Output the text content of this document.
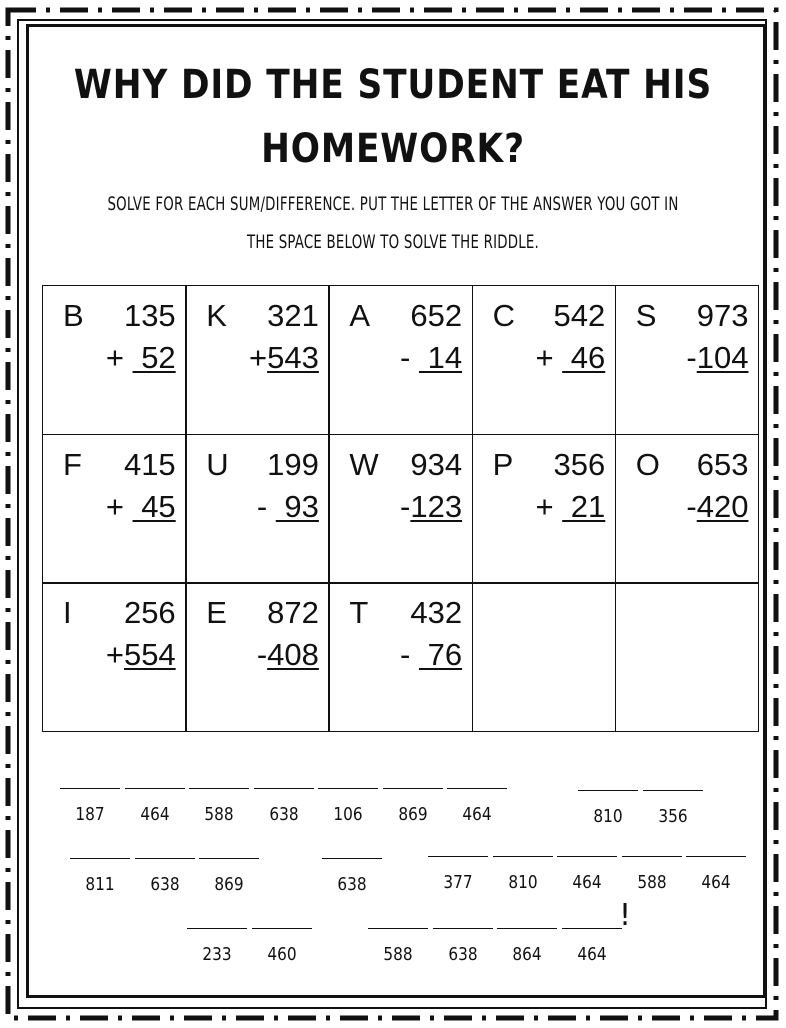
WHY DID THE STUDENT EAT HIS
HOMEWORK?
SOLVE FOR EACH SUM/DIFFERENCE. PUT THE LETTER OF THE ANSWER YOU GOT IN
THE SPACE BELOW TO SOLVE THE RIDDLE.
B 135
+  52
K 321
+543
A 652
-  14
C 542
+  46
S 973
-104
F 415
+  45
U 199
-  93
W 934
-123
P 356
+  21
O 653
-420
I 256
+554
E 872
-408
T 432
-  76
187	464	588	638	106	869	464	810	356
811	638	869	638	377	810	464	588	464
233	460	588	638	864	464
!
